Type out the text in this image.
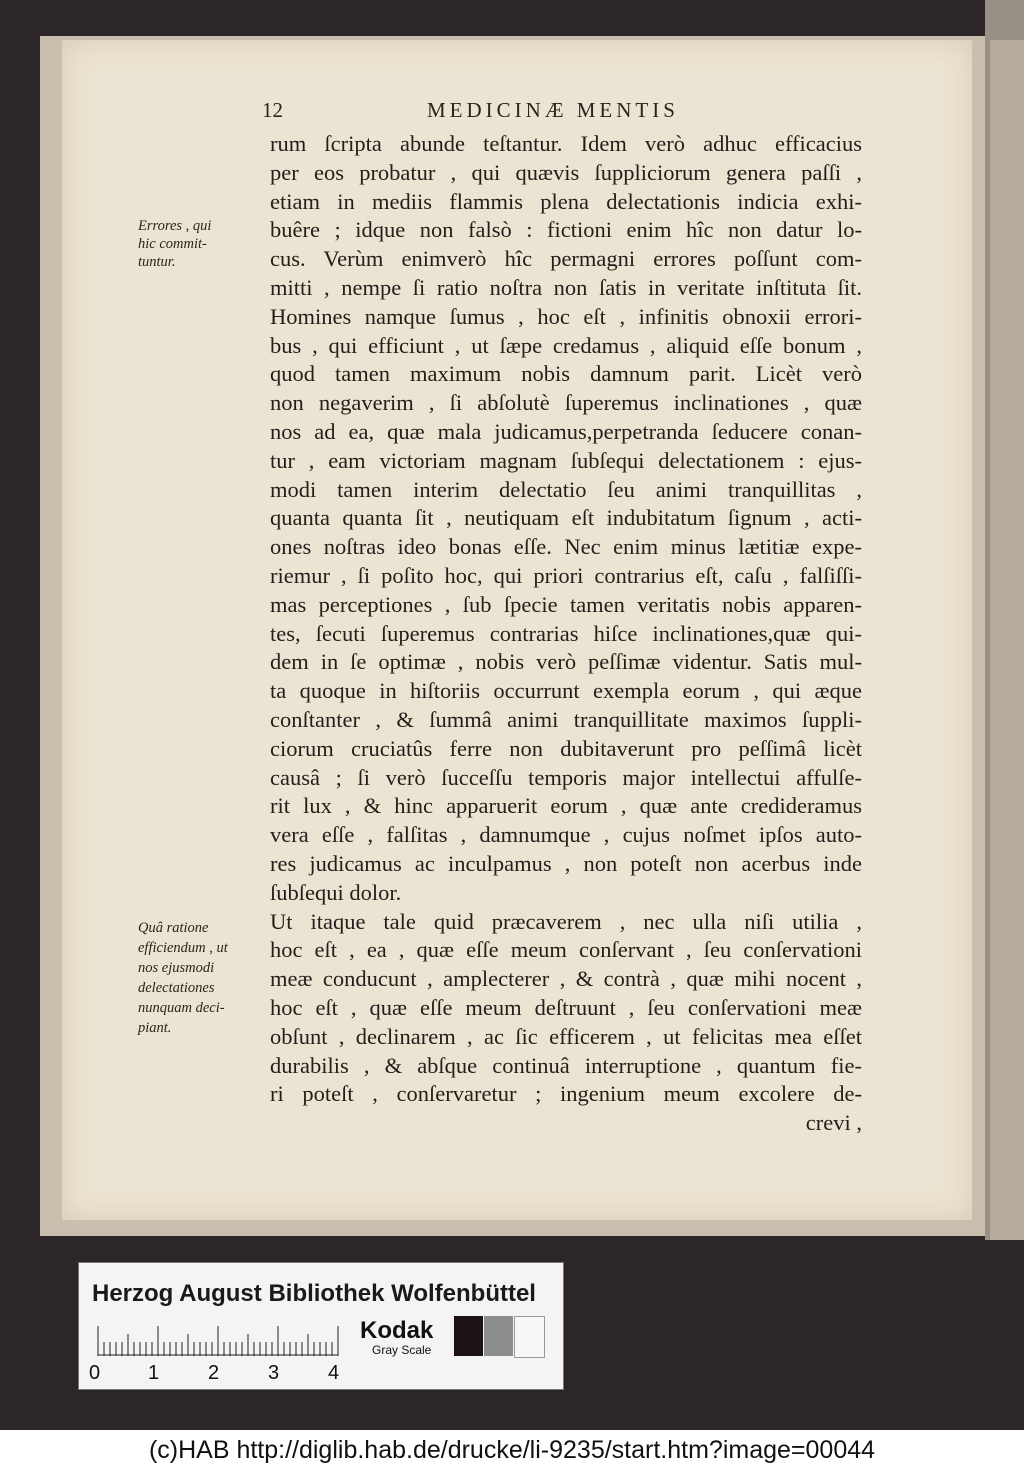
12	MEDICINÆ MENTIS
Errores , qui
hic commit-
tuntur.
Quâ ratione
efficiendum , ut
nos ejusmodi
delectationes
nunquam deci-
piant.
rum ſcripta abunde teſtantur. Idem verò adhuc efficacius
per eos probatur , qui quævis ſuppliciorum genera paſſi ,
etiam in mediis flammis plena delectationis indicia exhi-
buêre ; idque non falsò : fictioni enim hîc non datur lo-
cus. Verùm enimverò hîc permagni errores poſſunt com-
mitti , nempe ſi ratio noſtra non ſatis in veritate inſtituta ſit.
Homines namque ſumus , hoc eſt , infinitis obnoxii errori-
bus , qui efficiunt , ut ſæpe credamus , aliquid eſſe bonum ,
quod tamen maximum nobis damnum parit. Licèt verò
non negaverim , ſi abſolutè ſuperemus inclinationes , quæ
nos ad ea, quæ mala judicamus,perpetranda ſeducere conan-
tur , eam victoriam magnam ſubſequi delectationem : ejus-
modi tamen interim delectatio ſeu animi tranquillitas ,
quanta quanta ſit , neutiquam eſt indubitatum ſignum , acti-
ones noſtras ideo bonas eſſe. Nec enim minus lætitiæ expe-
riemur , ſi poſito hoc, qui priori contrarius eſt, caſu , falſiſſi-
mas perceptiones , ſub ſpecie tamen veritatis nobis apparen-
tes, ſecuti ſuperemus contrarias hiſce inclinationes,quæ qui-
dem in ſe optimæ , nobis verò peſſimæ videntur. Satis mul-
ta quoque in hiſtoriis occurrunt exempla eorum , qui æque
conſtanter , & ſummâ animi tranquillitate maximos ſuppli-
ciorum cruciatûs ferre non dubitaverunt pro peſſimâ licèt
causâ ; ſi verò ſucceſſu temporis major intellectui affulſe-
rit lux , & hinc apparuerit eorum , quæ ante credideramus
vera eſſe , falſitas , damnumque , cujus noſmet ipſos auto-
res judicamus ac inculpamus , non poteſt non acerbus inde
ſubſequi dolor.
Ut itaque tale quid præcaverem , nec ulla niſi utilia ,
hoc eſt , ea , quæ eſſe meum conſervant , ſeu conſervationi
meæ conducunt , amplecterer , & contrà , quæ mihi nocent ,
hoc eſt , quæ eſſe meum deſtruunt , ſeu conſervationi meæ
obſunt , declinarem , ac ſic efficerem , ut felicitas mea eſſet
durabilis , & abſque continuâ interruptione , quantum fie-
ri poteſt , conſervaretur ; ingenium meum excolere de-
crevi ,
Herzog August Bibliothek Wolfenbüttel
0 1 2 3 4
Kodak
Gray Scale
(c)HAB http://diglib.hab.de/drucke/li-9235/start.htm?image=00044
